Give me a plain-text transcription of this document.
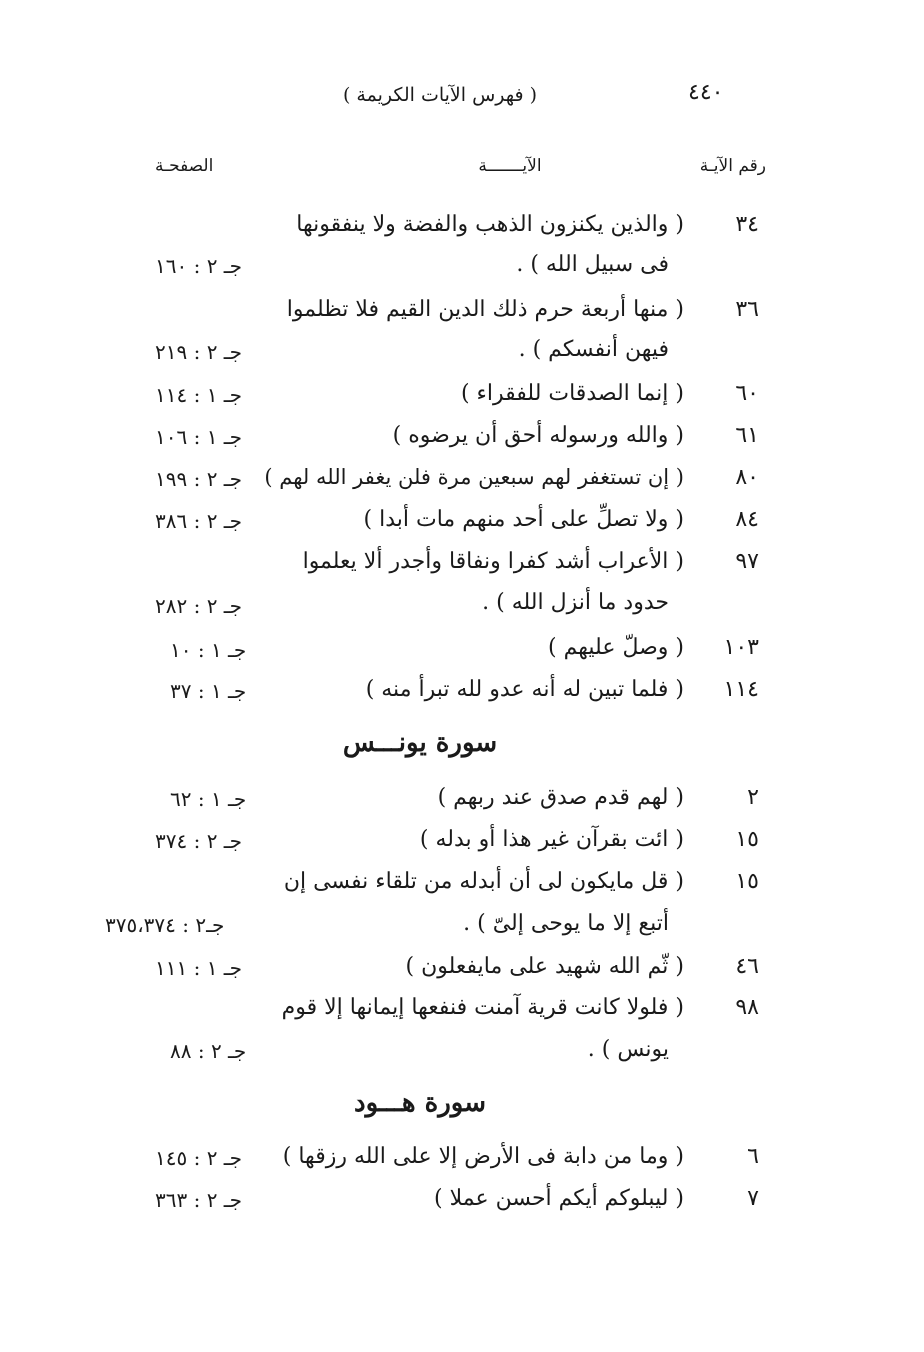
٤٤٠
( فهرس الآيات الكريمة )
رقم الآيـة
الآيـــــــة
الصفحـة
٣٤
( والذين يكنزون الذهب والفضة ولا ينفقونها
فى سبيل الله ) .
جـ ٢ : ١٦٠
٣٦
( منها أربعة حرم ذلك الدين القيم فلا تظلموا
فيهن أنفسكم ) .
جـ ٢ : ٢١٩
٦٠
( إنما الصدقات للفقراء )
جـ ١ : ١١٤
٦١
( والله ورسوله أحق أن يرضوه )
جـ ١ : ١٠٦
٨٠
( إن تستغفر لهم سبعين مرة فلن يغفر الله لهم )
جـ ٢ : ١٩٩
٨٤
( ولا تصلِّ على أحد منهم مات أبدا )
جـ ٢ : ٣٨٦
٩٧
( الأعراب أشد كفرا ونفاقا وأجدر ألا يعلموا
حدود ما أنزل الله ) .
جـ ٢ : ٢٨٢
١٠٣
( وصلّ عليهم )
جـ ١ : ١٠
١١٤
( فلما تبين له أنه عدو لله تبرأ منه )
جـ ١ : ٣٧
سورة يونـــس
٢
( لهم قدم صدق عند ربهم )
جـ ١ : ٦٢
١٥
( ائت بقرآن غير هذا أو بدله )
جـ ٢ : ٣٧٤
١٥
( قل مايكون لى أن أبدله من تلقاء نفسى إن
أتبع إلا ما يوحى إلىّ ) .
جـ٢ : ٣٧٥،٣٧٤
٤٦
( ثّم الله شهيد على مايفعلون )
جـ ١ : ١١١
٩٨
( فلولا كانت قرية آمنت فنفعها إيمانها إلا قوم
يونس ) .
جـ ٢ : ٨٨
سورة هـــود
٦
( وما من دابة فى الأرض إلا على الله رزقها )
جـ ٢ : ١٤٥
٧
( ليبلوكم أيكم أحسن عملا )
جـ ٢ : ٣٦٣
